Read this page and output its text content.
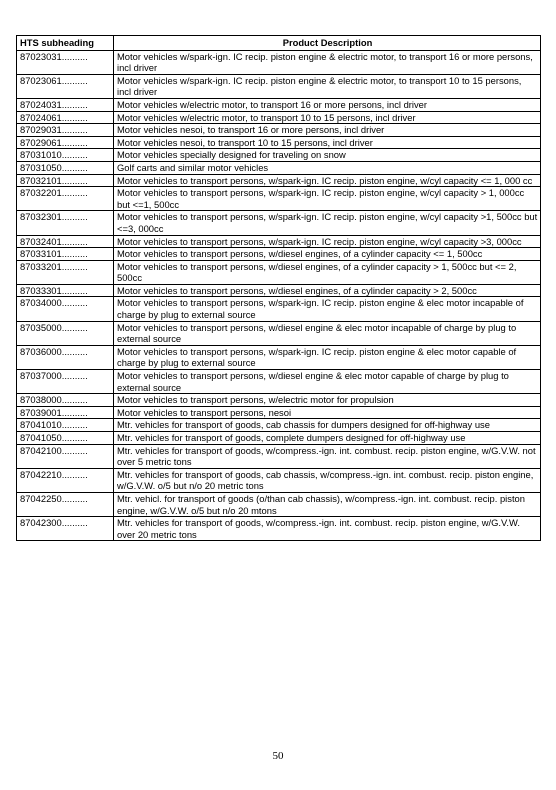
HTS subheading	Product Description
87023031..........	Motor vehicles w/spark-ign. IC recip. piston engine & electric motor, to transport 16 or more persons, incl driver
87023061..........	Motor vehicles w/spark-ign. IC recip. piston engine & electric motor, to transport 10 to 15 persons, incl driver
87024031..........	Motor vehicles w/electric motor, to transport 16 or more persons, incl driver
87024061..........	Motor vehicles w/electric motor, to transport 10 to 15 persons, incl driver
87029031..........	Motor vehicles nesoi, to transport 16 or more persons, incl driver
87029061..........	Motor vehicles nesoi, to transport 10 to 15 persons, incl driver
87031010..........	Motor vehicles specially designed for traveling on snow
87031050..........	Golf carts and similar motor vehicles
87032101..........	Motor vehicles to transport persons, w/spark-ign. IC recip. piston engine, w/cyl capacity <= 1, 000 cc
87032201..........	Motor vehicles to transport persons, w/spark-ign. IC recip. piston engine, w/cyl capacity > 1, 000cc but <=1, 500cc
87032301..........	Motor vehicles to transport persons, w/spark-ign. IC recip. piston engine, w/cyl capacity >1, 500cc but <=3, 000cc
87032401..........	Motor vehicles to transport persons, w/spark-ign. IC recip. piston engine, w/cyl capacity >3, 000cc
87033101..........	Motor vehicles to transport persons, w/diesel engines, of a cylinder capacity <= 1, 500cc
87033201..........	Motor vehicles to transport persons, w/diesel engines, of a cylinder capacity > 1, 500cc but <= 2, 500cc
87033301..........	Motor vehicles to transport persons, w/diesel engines, of a cylinder capacity > 2, 500cc
87034000..........	Motor vehicles to transport persons, w/spark-ign. IC recip. piston engine & elec motor incapable of charge by plug to external source
87035000..........	Motor vehicles to transport persons, w/diesel engine & elec motor incapable of charge by plug to external source
87036000..........	Motor vehicles to transport persons, w/spark-ign. IC recip. piston engine & elec motor capable of charge by plug to external source
87037000..........	Motor vehicles to transport persons, w/diesel engine & elec motor capable of charge by plug to external source
87038000..........	Motor vehicles to transport persons, w/electric motor for propulsion
87039001..........	Motor vehicles to transport persons, nesoi
87041010..........	Mtr. vehicles for transport of goods, cab chassis for dumpers designed for off-highway use
87041050..........	Mtr. vehicles for transport of goods, complete dumpers designed for off-highway use
87042100..........	Mtr. vehicles for transport of goods, w/compress.-ign. int. combust. recip. piston engine, w/G.V.W. not over 5 metric tons
87042210..........	Mtr. vehicles for transport of goods, cab chassis, w/compress.-ign. int. combust. recip. piston engine, w/G.V.W. o/5 but n/o 20 metric tons
87042250..........	Mtr. vehicl. for transport of goods (o/than cab chassis), w/compress.-ign. int. combust. recip. piston engine, w/G.V.W. o/5 but n/o 20 mtons
87042300..........	Mtr. vehicles for transport of goods, w/compress.-ign. int. combust. recip. piston engine, w/G.V.W. over 20 metric tons
50
